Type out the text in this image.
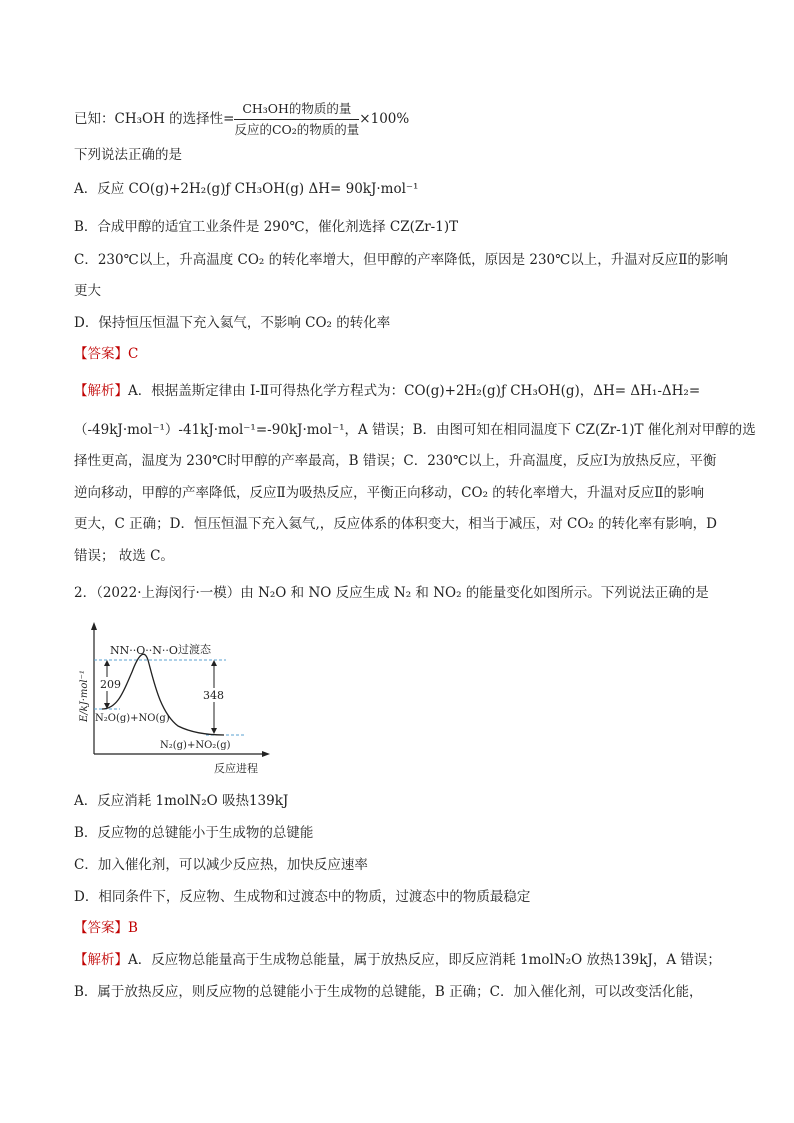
已知：CH₃OH 的选择性= $\frac{\text{CH₃OH的物质的量}}{\text{反应的CO₂的物质的量}} \times 100\%$
下列说法正确的是
A．反应 CO(g)+2H₂(g)ƒ CH₃OH(g) ΔH= 90kJ·mol⁻¹
B．合成甲醇的适宜工业条件是 290℃，催化剂选择 CZ(Zr-1)T
C．230℃以上，升高温度 CO₂ 的转化率增大，但甲醇的产率降低，原因是 230℃以上，升温对反应Ⅱ的影响
更大
D．保持恒压恒温下充入氦气，不影响 CO₂ 的转化率
【答案】C
【解析】A．根据盖斯定律由 Ⅰ-Ⅱ可得热化学方程式为：CO(g)+2H₂(g)ƒ CH₃OH(g)，ΔH= ΔH₁-ΔH₂=
（-49kJ·mol⁻¹）-41kJ·mol⁻¹=-90kJ·mol⁻¹，A 错误；B．由图可知在相同温度下 CZ(Zr-1)T 催化剂对甲醇的选
择性更高，温度为 230℃时甲醇的产率最高，B 错误；C．230℃以上，升高温度，反应Ⅰ为放热反应，平衡
逆向移动，甲醇的产率降低，反应Ⅱ为吸热反应，平衡正向移动，CO₂ 的转化率增大，升温对反应Ⅱ的影响
更大，C 正确；D．恒压恒温下充入氦气,，反应体系的体积变大，相当于减压，对 CO₂ 的转化率有影响，D
错误； 故选 C。
2．（2022·上海闵行·一模）由 N₂O 和 NO 反应生成 N₂ 和 NO₂ 的能量变化如图所示。下列说法正确的是
209
348
NN··O··N··O 过渡态
N₂O(g)+NO(g)
N₂(g)+NO₂(g)
反应进程
E/kJ·mol⁻¹
A．反应消耗 1molN₂O 吸热139kJ
B．反应物的总键能小于生成物的总键能
C．加入催化剂，可以减少反应热，加快反应速率
D．相同条件下，反应物、生成物和过渡态中的物质，过渡态中的物质最稳定
【答案】B
【解析】A．反应物总能量高于生成物总能量，属于放热反应，即反应消耗 1molN₂O 放热139kJ，A 错误；
B．属于放热反应，则反应物的总键能小于生成物的总键能，B 正确；C．加入催化剂，可以改变活化能，
